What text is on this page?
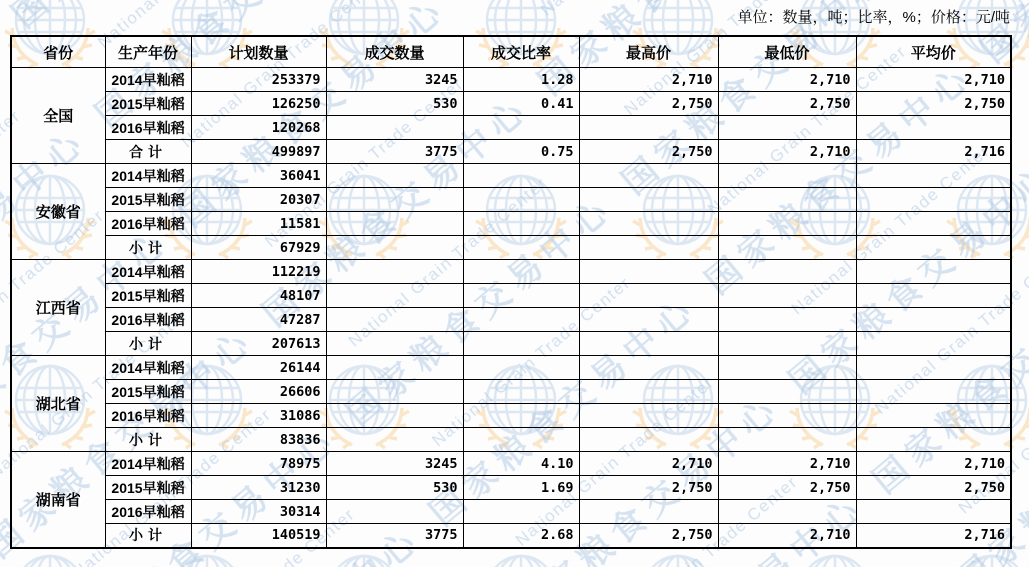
单位：数量，吨；比率，%；价格：元/吨
省份	生产年份	计划数量	成交数量	成交比率	最高价	最低价	平均价
全国	2014早籼稻	253379	3245	1.28	2,710	2,710	2,710
	2015早籼稻	126250	530	0.41	2,750	2,750	2,750
	2016早籼稻	120268					
	合计	499897	3775	0.75	2,750	2,710	2,716
安徽省	2014早籼稻	36041					
	2015早籼稻	20307					
	2016早籼稻	11581					
	小计	67929					
江西省	2014早籼稻	112219					
	2015早籼稻	48107					
	2016早籼稻	47287					
	小计	207613					
湖北省	2014早籼稻	26144					
	2015早籼稻	26606					
	2016早籼稻	31086					
	小计	83836					
湖南省	2014早籼稻	78975	3245	4.10	2,710	2,710	2,710
	2015早籼稻	31230	530	1.69	2,750	2,750	2,750
	2016早籼稻	30314					
	小计	140519	3775	2.68	2,750	2,710	2,716
